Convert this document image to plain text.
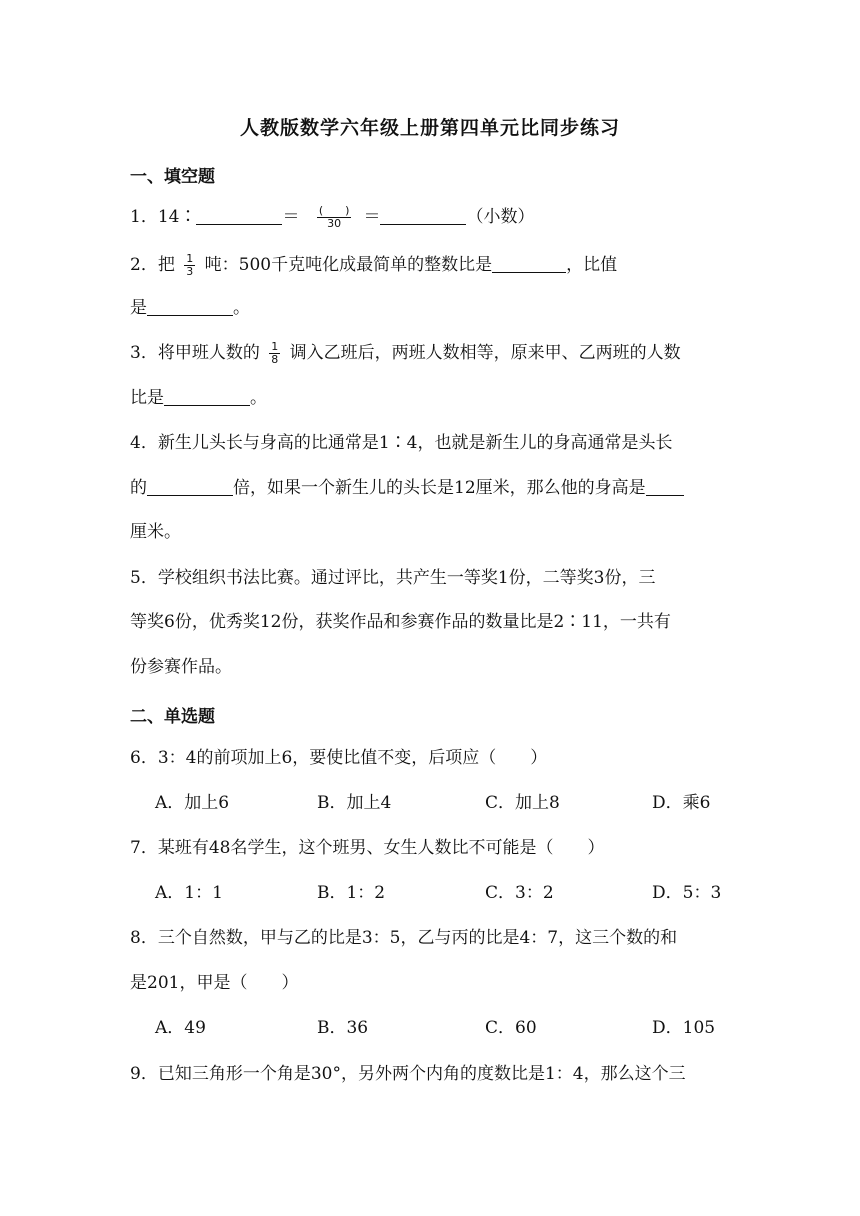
人教版数学六年级上册第四单元比同步练习
一、填空题
1．14∶	＝ $\frac{( )}{30}$ ＝	（小数）
2．把 $\frac{1}{3}$ 吨：500千克吨化成最简单的整数比是	，比值
是	。
3．将甲班人数的 $\frac{1}{8}$ 调入乙班后，两班人数相等，原来甲、乙两班的人数
比是	。
4．新生儿头长与身高的比通常是1∶4，也就是新生儿的身高通常是头长
的	倍，如果一个新生儿的头长是12厘米，那么他的身高是
厘米。
5．学校组织书法比赛。通过评比，共产生一等奖1份，二等奖3份，三
等奖6份，优秀奖12份，获奖作品和参赛作品的数量比是2∶11，一共有
份参赛作品。
二、单选题
6．3：4的前项加上6，要使比值不变，后项应（　　）
A．加上6	B．加上4	C．加上8	D．乘6
7．某班有48名学生，这个班男、女生人数比不可能是（　　）
A．1：1	B．1：2	C．3：2	D．5：3
8．三个自然数，甲与乙的比是3：5，乙与丙的比是4：7，这三个数的和
是201，甲是（　　）
A．49	B．36	C．60	D．105
9．已知三角形一个角是30°，另外两个内角的度数比是1：4，那么这个三
